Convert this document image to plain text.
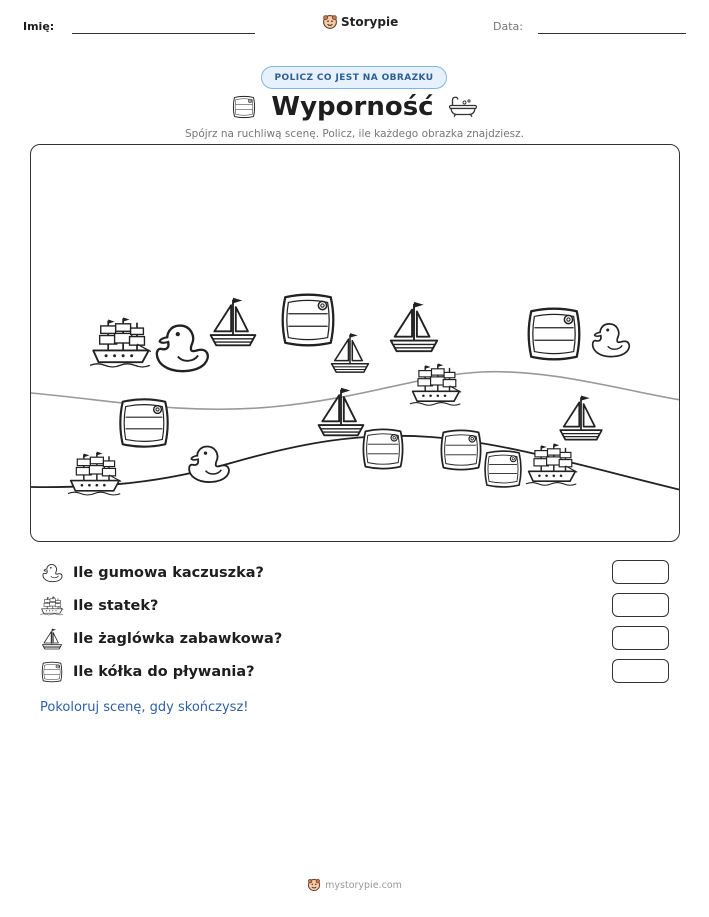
Imię:	Storypie	Data:
POLICZ CO JEST NA OBRAZKU
Wyporność
Spójrz na ruchliwą scenę. Policz, ile każdego obrazka znajdziesz.
Ile gumowa kaczuszka?
Ile statek?
Ile żaglówka zabawkowa?
Ile kółka do pływania?
Pokoloruj scenę, gdy skończysz!
mystorypie.com
